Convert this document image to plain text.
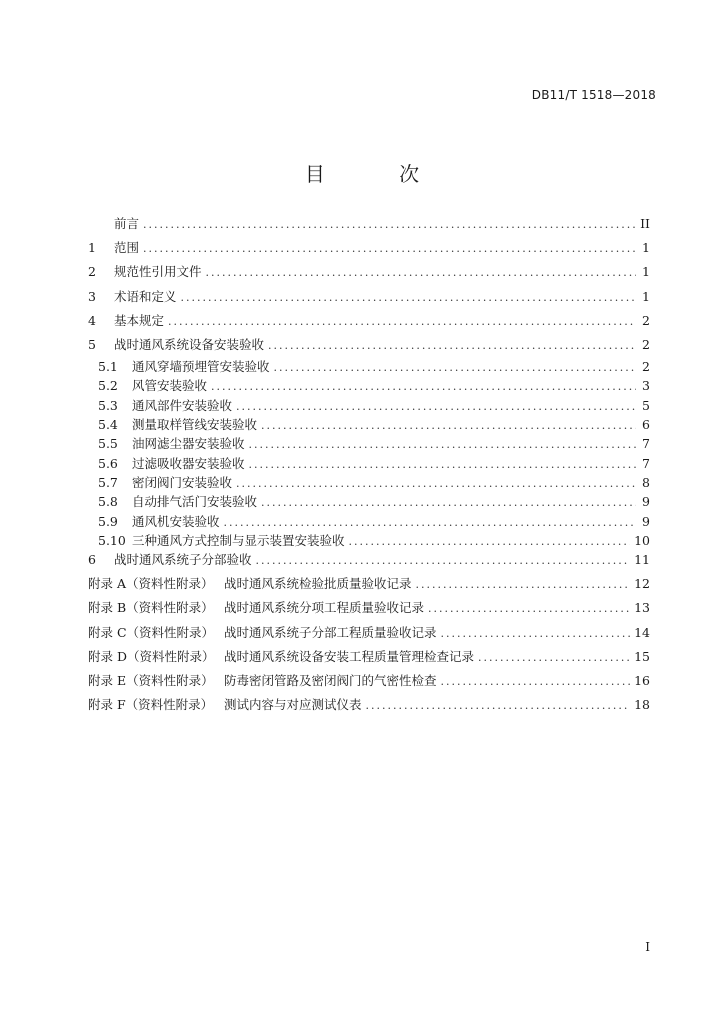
DB11/T 1518—2018
目 次
前言 .....	II
1	范围 .....	1
2	规范性引用文件 .....	1
3	术语和定义 .....	1
4	基本规定 .....	2
5	战时通风系统设备安装验收 .....	2
5.1	通风穿墙预埋管安装验收 .....	2
5.2	风管安装验收 .....	3
5.3	通风部件安装验收 .....	5
5.4	测量取样管线安装验收 .....	6
5.5	油网滤尘器安装验收 .....	7
5.6	过滤吸收器安装验收 .....	7
5.7	密闭阀门安装验收 .....	8
5.8	自动排气活门安装验收 .....	9
5.9	通风机安装验收 .....	9
5.10 三种通风方式控制与显示装置安装验收 .....	10
6	战时通风系统子分部验收 .....	11
附录 A（资料性附录） 战时通风系统检验批质量验收记录 .....	12
附录 B（资料性附录） 战时通风系统分项工程质量验收记录 .....	13
附录 C（资料性附录） 战时通风系统子分部工程质量验收记录 .....	14
附录 D（资料性附录） 战时通风系统设备安装工程质量管理检查记录 .....	15
附录 E（资料性附录） 防毒密闭管路及密闭阀门的气密性检查 .....	16
附录 F（资料性附录） 测试内容与对应测试仪表 .....	18
I
